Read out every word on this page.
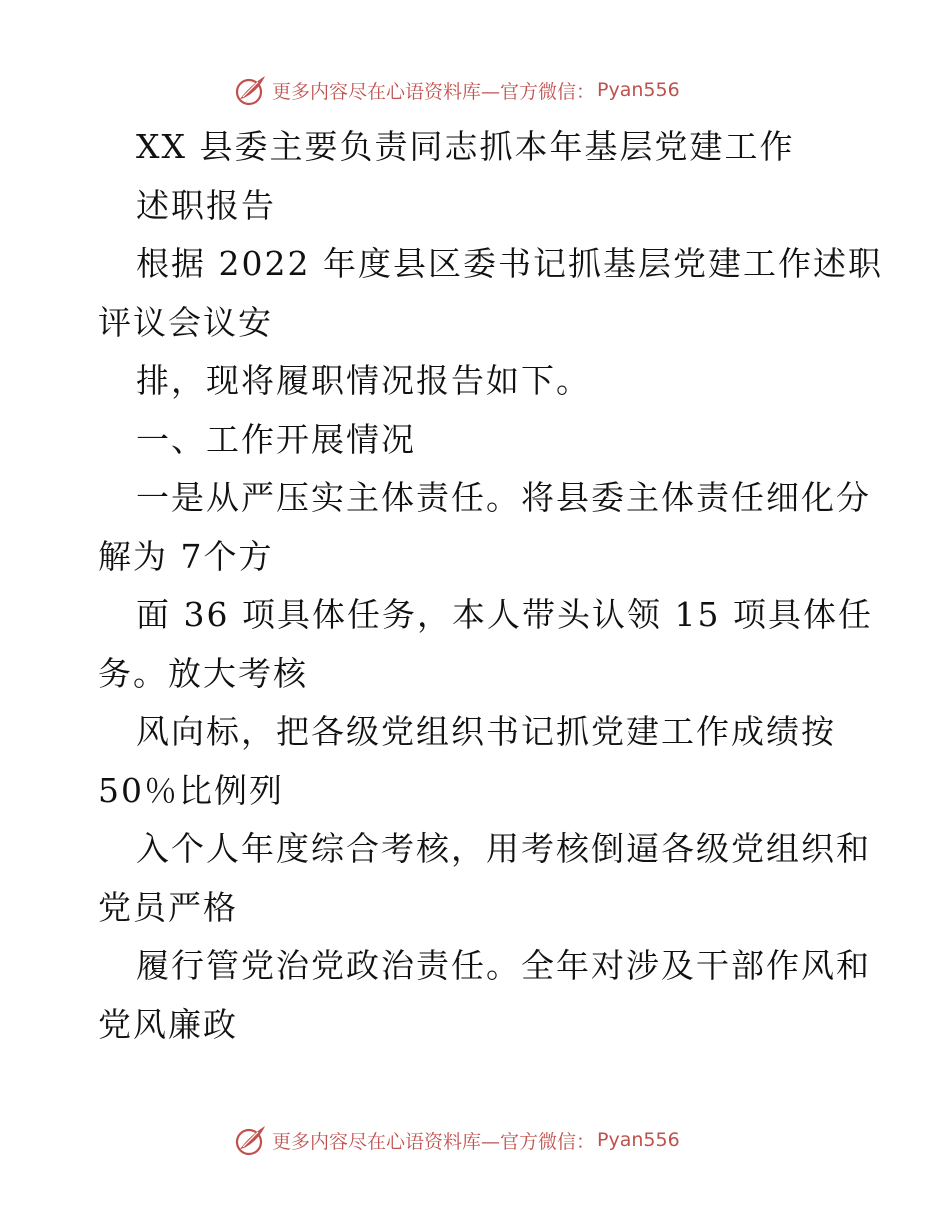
更多内容尽在心语资料库—官方微信： Pyan556
XX 县委主要负责同志抓本年基层党建工作
述职报告
根据 2022 年度县区委书记抓基层党建工作述职
评议会议安
排，现将履职情况报告如下。
一、工作开展情况
一是从严压实主体责任。将县委主体责任细化分
解为 7个方
面 36 项具体任务，本人带头认领 15 项具体任
务。放大考核
风向标，把各级党组织书记抓党建工作成绩按
50％比例列
入个人年度综合考核，用考核倒逼各级党组织和
党员严格
履行管党治党政治责任。全年对涉及干部作风和
党风廉政
更多内容尽在心语资料库—官方微信： Pyan556
